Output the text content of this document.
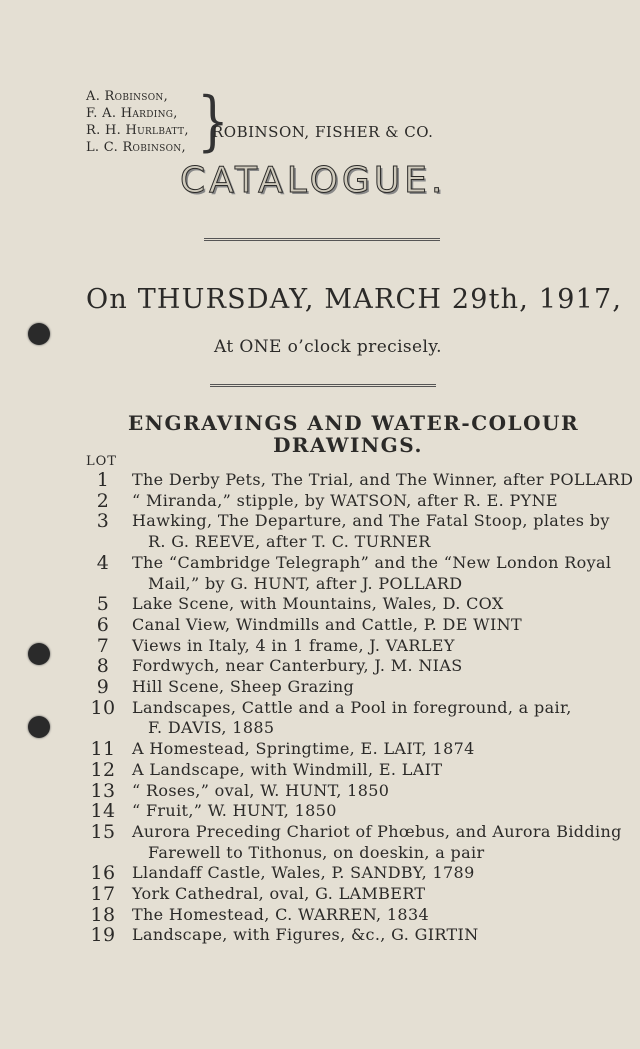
A. Robinson,
F. A. Harding,
R. H. Hurlbatt,
L. C. Robinson, }
ROBINSON, FISHER & CO.
CATALOGUE.
On THURSDAY, MARCH 29th, 1917,
At ONE o’clock precisely.
ENGRAVINGS AND WATER-COLOUR
DRAWINGS.
LOT
1	The Derby Pets, The Trial, and The Winner, after POLLARD
2	“ Miranda,” stipple, by WATSON, after R. E. PYNE
3	Hawking, The Departure, and The Fatal Stoop, plates by
R. G. REEVE, after T. C. TURNER
4	The “Cambridge Telegraph” and the “New London Royal
Mail,” by G. HUNT, after J. POLLARD
5	Lake Scene, with Mountains, Wales, D. COX
6	Canal View, Windmills and Cattle, P. DE WINT
7	Views in Italy, 4 in 1 frame, J. VARLEY
8	Fordwych, near Canterbury, J. M. NIAS
9	Hill Scene, Sheep Grazing
10	Landscapes, Cattle and a Pool in foreground, a pair,
F. DAVIS, 1885
11	A Homestead, Springtime, E. LAIT, 1874
12	A Landscape, with Windmill, E. LAIT
13	“ Roses,” oval, W. HUNT, 1850
14	“ Fruit,” W. HUNT, 1850
15	Aurora Preceding Chariot of Phœbus, and Aurora Bidding
Farewell to Tithonus, on doeskin, a pair
16	Llandaff Castle, Wales, P. SANDBY, 1789
17	York Cathedral, oval, G. LAMBERT
18	The Homestead, C. WARREN, 1834
19	Landscape, with Figures, &c., G. GIRTIN
